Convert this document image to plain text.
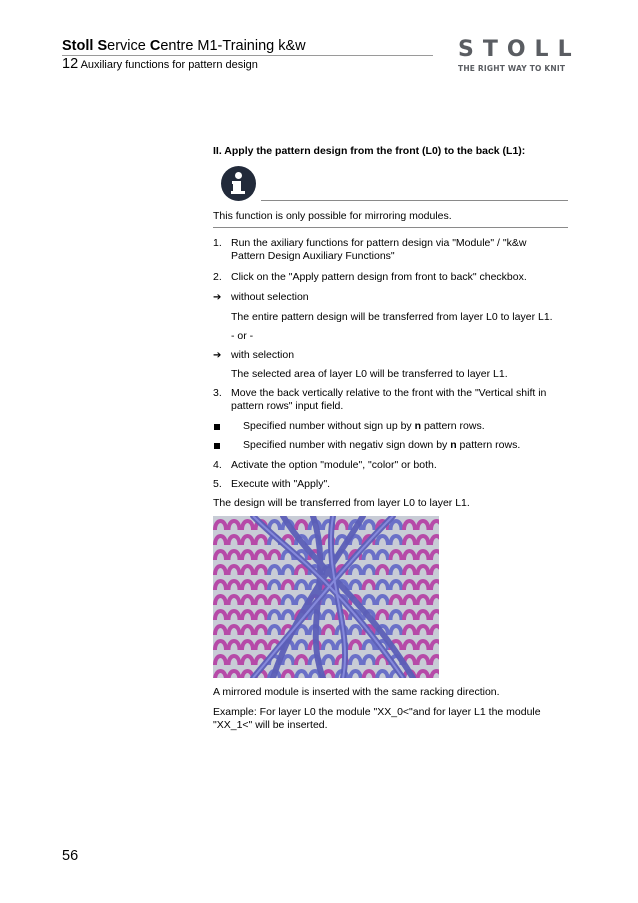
Stoll Service Centre M1-Training k&w
12 Auxiliary functions for pattern design
STOLL
THE RIGHT WAY TO KNIT
II. Apply the pattern design from the front (L0) to the back (L1):
This function is only possible for mirroring modules.
1. Run the axiliary functions for pattern design via "Module" / "k&w
Pattern Design Auxiliary Functions"
2. Click on the "Apply pattern design from front to back" checkbox.
➔ without selection
The entire pattern design will be transferred from layer L0 to layer L1.
- or -
➔ with selection
The selected area of layer L0 will be transferred to layer L1.
3. Move the back vertically relative to the front with the "Vertical shift in
pattern rows" input field.
Specified number without sign up by n pattern rows.
Specified number with negativ sign down by n pattern rows.
4. Activate the option "module", "color" or both.
5. Execute with "Apply".
The design will be transferred from layer L0 to layer L1.
A mirrored module is inserted with the same racking direction.
Example: For layer L0 the module "XX_0<"and for layer L1 the module
"XX_1<" will be inserted.
56
